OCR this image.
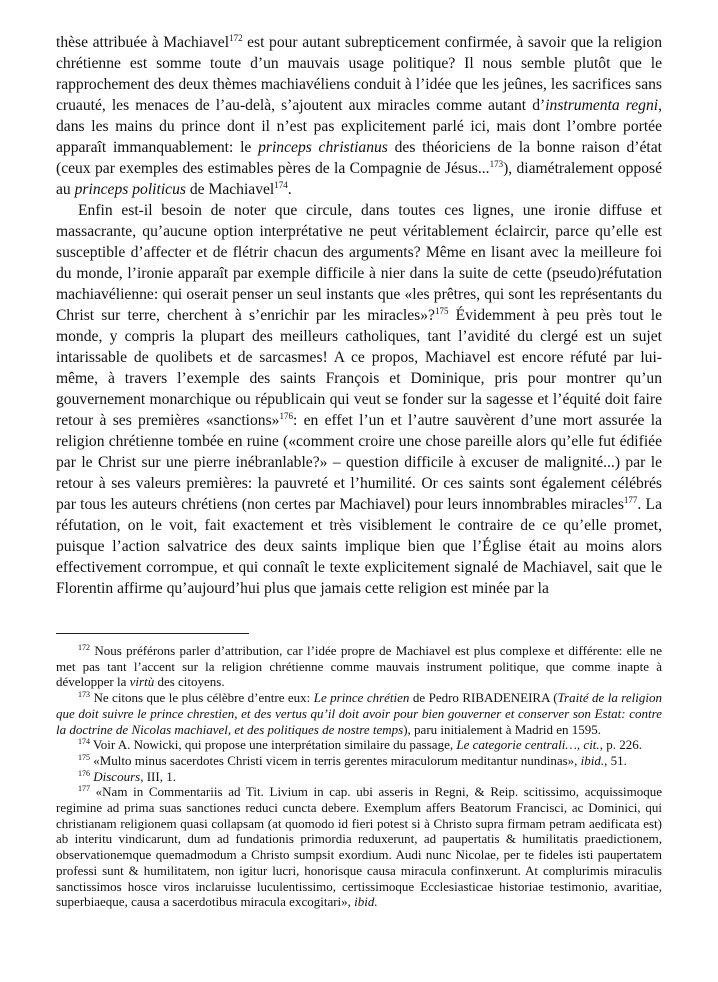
thèse attribuée à Machiavel$^{172}$ est pour autant subrepticement confirmée, à savoir que la religion chrétienne est somme toute d’un mauvais usage politique? Il nous semble plutôt que le rapprochement des deux thèmes machiavéliens conduit à l’idée que les jeûnes, les sacrifices sans cruauté, les menaces de l’au-delà, s’ajoutent aux miracles comme autant d’instrumenta regni, dans les mains du prince dont il n’est pas explicitement parlé ici, mais dont l’ombre portée apparaît immanquablement: le princeps christianus des théoriciens de la bonne raison d’état (ceux par exemples des estimables pères de la Compagnie de Jésus...$^{173}$), diamétralement opposé au princeps politicus de Machiavel$^{174}$.

Enfin est-il besoin de noter que circule, dans toutes ces lignes, une ironie diffuse et massacrante, qu’aucune option interprétative ne peut véritablement éclaircir, parce qu’elle est susceptible d’affecter et de flétrir chacun des arguments? Même en lisant avec la meilleure foi du monde, l’ironie apparaît par exemple difficile à nier dans la suite de cette (pseudo)réfutation machiavélienne: qui oserait penser un seul instants que «les prêtres, qui sont les représentants du Christ sur terre, cherchent à s’enrichir par les miracles»?$^{175}$ Évidemment à peu près tout le monde, y compris la plupart des meilleurs catholiques, tant l’avidité du clergé est un sujet intarissable de quolibets et de sarcasmes! A ce propos, Machiavel est encore réfuté par lui-même, à travers l’exemple des saints François et Dominique, pris pour montrer qu’un gouvernement monarchique ou républicain qui veut se fonder sur la sagesse et l’équité doit faire retour à ses premières «sanctions»$^{176}$: en effet l’un et l’autre sauvèrent d’une mort assurée la religion chrétienne tombée en ruine («comment croire une chose pareille alors qu’elle fut édifiée par le Christ sur une pierre inébranlable?» – question difficile à excuser de malignité...) par le retour à ses valeurs premières: la pauvreté et l’humilité. Or ces saints sont également célébrés par tous les auteurs chrétiens (non certes par Machiavel) pour leurs innombrables miracles$^{177}$. La réfutation, on le voit, fait exactement et très visiblement le contraire de ce qu’elle promet, puisque l’action salvatrice des deux saints implique bien que l’Église était au moins alors effectivement corrompue, et qui connaît le texte explicitement signalé de Machiavel, sait que le Florentin affirme qu’aujourd’hui plus que jamais cette religion est minée par la

$^{172}$ Nous préférons parler d’attribution, car l’idée propre de Machiavel est plus complexe et différente: elle ne met pas tant l’accent sur la religion chrétienne comme mauvais instrument politique, que comme inapte à développer la virtù des citoyens.

$^{173}$ Ne citons que le plus célèbre d’entre eux: Le prince chrétien de Pedro RIBADENEIRA (Traité de la religion que doit suivre le prince chrestien, et des vertus qu’il doit avoir pour bien gouverner et conserver son Estat: contre la doctrine de Nicolas machiavel, et des politiques de nostre temps), paru initialement à Madrid en 1595.

$^{174}$ Voir A. Nowicki, qui propose une interprétation similaire du passage, Le categorie centrali…, cit., p. 226.

$^{175}$ «Multo minus sacerdotes Christi vicem in terris gerentes miraculorum meditantur nundinas», ibid., 51.

$^{176}$ Discours, III, 1.

$^{177}$ «Nam in Commentariis ad Tit. Livium in cap. ubi asseris in Regni, & Reip. scitissimo, acquissimoque regimine ad prima suas sanctiones reduci cuncta debere. Exemplum affers Beatorum Francisci, ac Dominici, qui christianam religionem quasi collapsam (at quomodo id fieri potest si à Christo supra firmam petram aedificata est) ab interitu vindicarunt, dum ad fundationis primordia reduxerunt, ad paupertatis & humilitatis praedictionem, observationemque quemadmodum a Christo sumpsit exordium. Audi nunc Nicolae, per te fideles isti paupertatem professi sunt & humilitatem, non igitur lucri, honorisque causa miracula confinxerunt. At complurimis miraculis sanctissimos hosce viros inclaruisse luculentissimo, certissimoque Ecclesiasticae historiae testimonio, avaritiae, superbiaeque, causa a sacerdotibus miracula excogitari», ibid.
